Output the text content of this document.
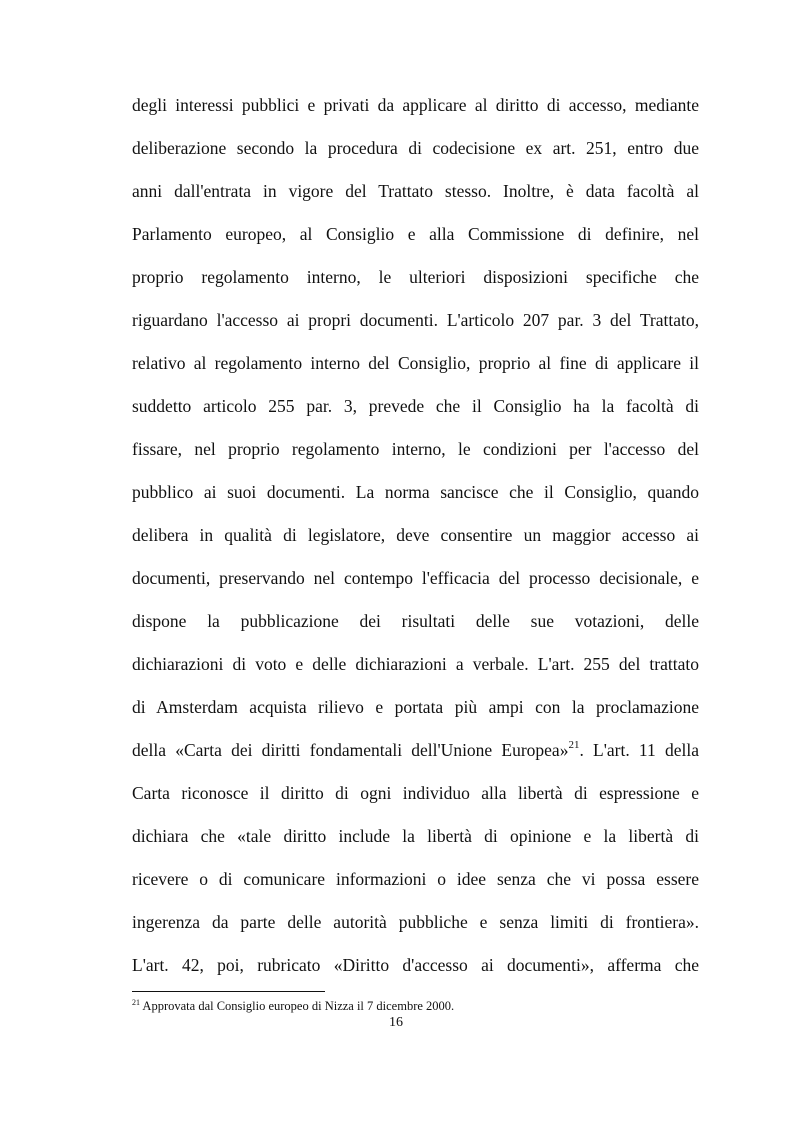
degli interessi pubblici e privati da applicare al diritto di accesso, mediante
deliberazione secondo la procedura di codecisione ex art. 251, entro due
anni dall'entrata in vigore del Trattato stesso. Inoltre, è data facoltà al
Parlamento europeo, al Consiglio e alla Commissione di definire, nel
proprio regolamento interno, le ulteriori disposizioni specifiche che
riguardano l'accesso ai propri documenti. L'articolo 207 par. 3 del Trattato,
relativo al regolamento interno del Consiglio, proprio al fine di applicare il
suddetto articolo 255 par. 3, prevede che il Consiglio ha la facoltà di
fissare, nel proprio regolamento interno, le condizioni per l'accesso del
pubblico ai suoi documenti. La norma sancisce che il Consiglio, quando
delibera in qualità di legislatore, deve consentire un maggior accesso ai
documenti, preservando nel contempo l'efficacia del processo decisionale, e
dispone la pubblicazione dei risultati delle sue votazioni, delle
dichiarazioni di voto e delle dichiarazioni a verbale. L'art. 255 del trattato
di Amsterdam acquista rilievo e portata più ampi con la proclamazione
della «Carta dei diritti fondamentali dell'Unione Europea»$^{21}$. L'art. 11 della
Carta riconosce il diritto di ogni individuo alla libertà di espressione e
dichiara che «tale diritto include la libertà di opinione e la libertà di
ricevere o di comunicare informazioni o idee senza che vi possa essere
ingerenza da parte delle autorità pubbliche e senza limiti di frontiera».
L'art. 42, poi, rubricato «Diritto d'accesso ai documenti», afferma che
$^{21}$ Approvata dal Consiglio europeo di Nizza il 7 dicembre 2000.
16
